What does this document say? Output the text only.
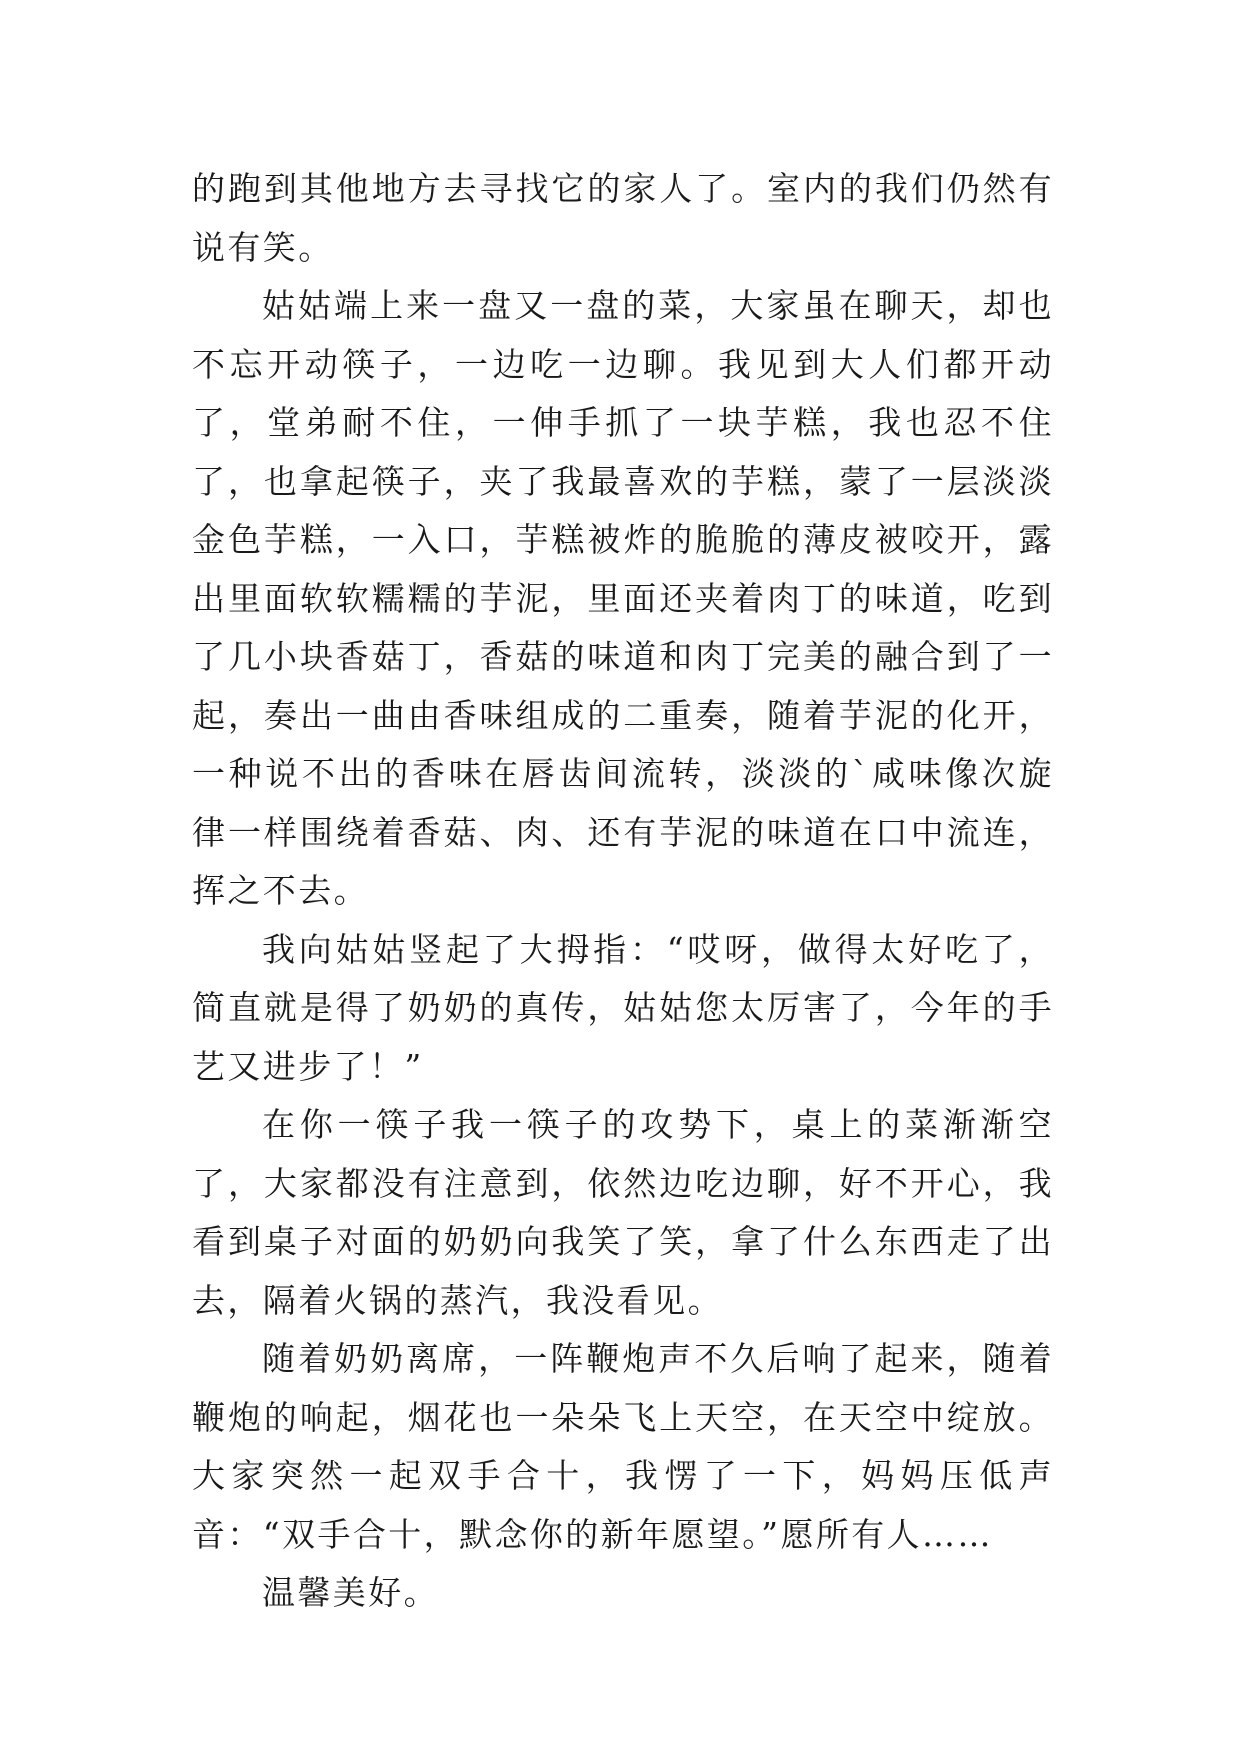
的跑到其他地方去寻找它的家人了。室内的我们仍然有说有笑。

姑姑端上来一盘又一盘的菜，大家虽在聊天，却也不忘开动筷子，一边吃一边聊。我见到大人们都开动了，堂弟耐不住，一伸手抓了一块芋糕，我也忍不住了，也拿起筷子，夹了我最喜欢的芋糕，蒙了一层淡淡金色芋糕，一入口，芋糕被炸的脆脆的薄皮被咬开，露出里面软软糯糯的芋泥，里面还夹着肉丁的味道，吃到了几小块香菇丁，香菇的味道和肉丁完美的融合到了一起，奏出一曲由香味组成的二重奏，随着芋泥的化开，一种说不出的香味在唇齿间流转，淡淡的`咸味像次旋律一样围绕着香菇、肉、还有芋泥的味道在口中流连，挥之不去。

我向姑姑竖起了大拇指：“哎呀，做得太好吃了，简直就是得了奶奶的真传，姑姑您太厉害了，今年的手艺又进步了！”

在你一筷子我一筷子的攻势下，桌上的菜渐渐空了，大家都没有注意到，依然边吃边聊，好不开心，我看到桌子对面的奶奶向我笑了笑，拿了什么东西走了出去，隔着火锅的蒸汽，我没看见。

随着奶奶离席，一阵鞭炮声不久后响了起来，随着鞭炮的响起，烟花也一朵朵飞上天空，在天空中绽放。大家突然一起双手合十，我愣了一下，妈妈压低声音：“双手合十，默念你的新年愿望。”愿所有人……

温馨美好。
